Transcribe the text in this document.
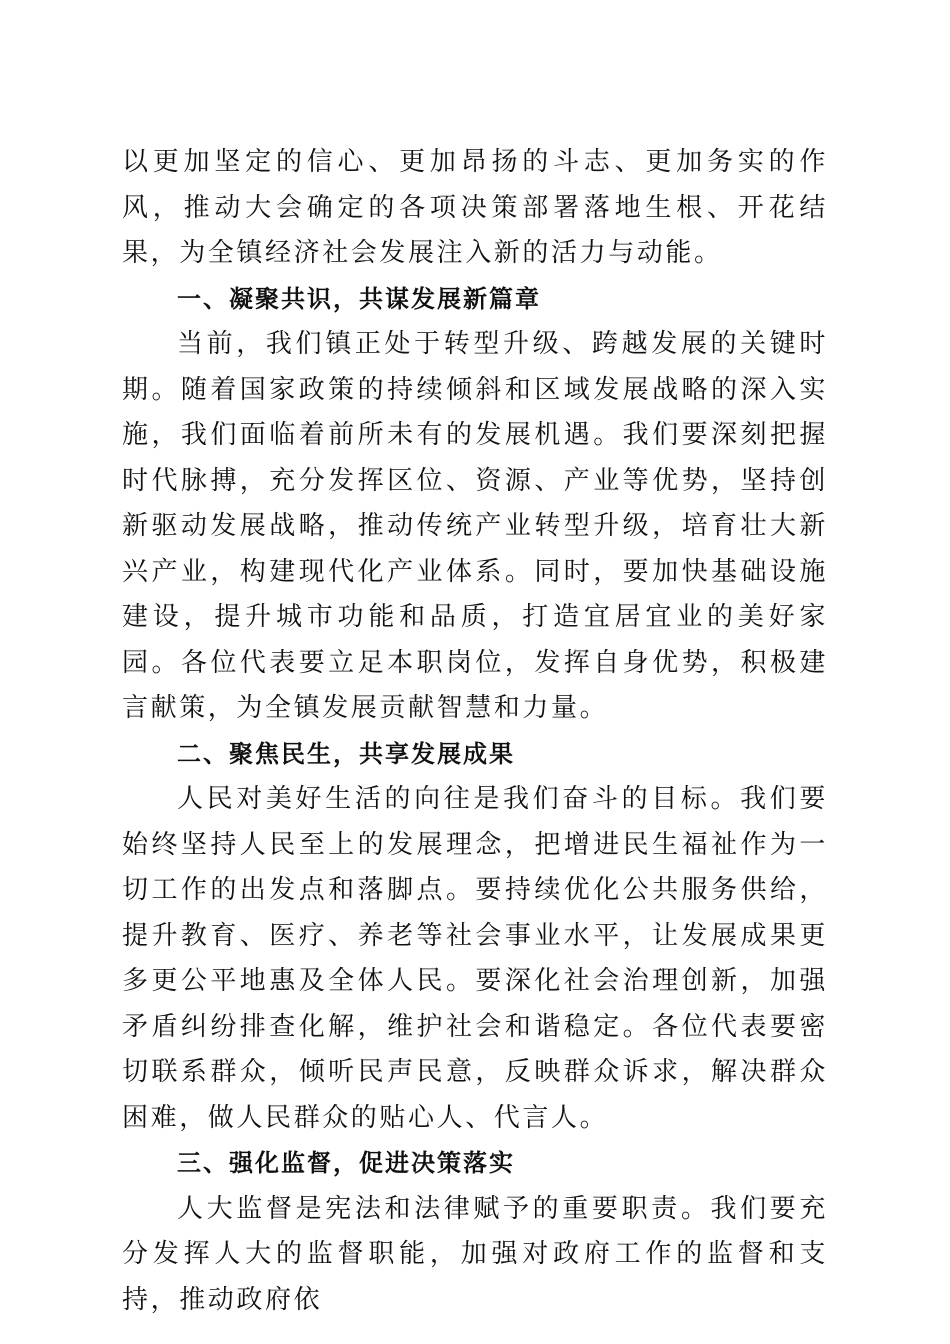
以更加坚定的信心、更加昂扬的斗志、更加务实的作风，推动大会确定的各项决策部署落地生根、开花结果，为全镇经济社会发展注入新的活力与动能。

一、凝聚共识，共谋发展新篇章

当前，我们镇正处于转型升级、跨越发展的关键时期。随着国家政策的持续倾斜和区域发展战略的深入实施，我们面临着前所未有的发展机遇。我们要深刻把握时代脉搏，充分发挥区位、资源、产业等优势，坚持创新驱动发展战略，推动传统产业转型升级，培育壮大新兴产业，构建现代化产业体系。同时，要加快基础设施建设，提升城市功能和品质，打造宜居宜业的美好家园。各位代表要立足本职岗位，发挥自身优势，积极建言献策，为全镇发展贡献智慧和力量。

二、聚焦民生，共享发展成果

人民对美好生活的向往是我们奋斗的目标。我们要始终坚持人民至上的发展理念，把增进民生福祉作为一切工作的出发点和落脚点。要持续优化公共服务供给，提升教育、医疗、养老等社会事业水平，让发展成果更多更公平地惠及全体人民。要深化社会治理创新，加强矛盾纠纷排查化解，维护社会和谐稳定。各位代表要密切联系群众，倾听民声民意，反映群众诉求，解决群众困难，做人民群众的贴心人、代言人。

三、强化监督，促进决策落实

人大监督是宪法和法律赋予的重要职责。我们要充分发挥人大的监督职能，加强对政府工作的监督和支持，推动政府依
